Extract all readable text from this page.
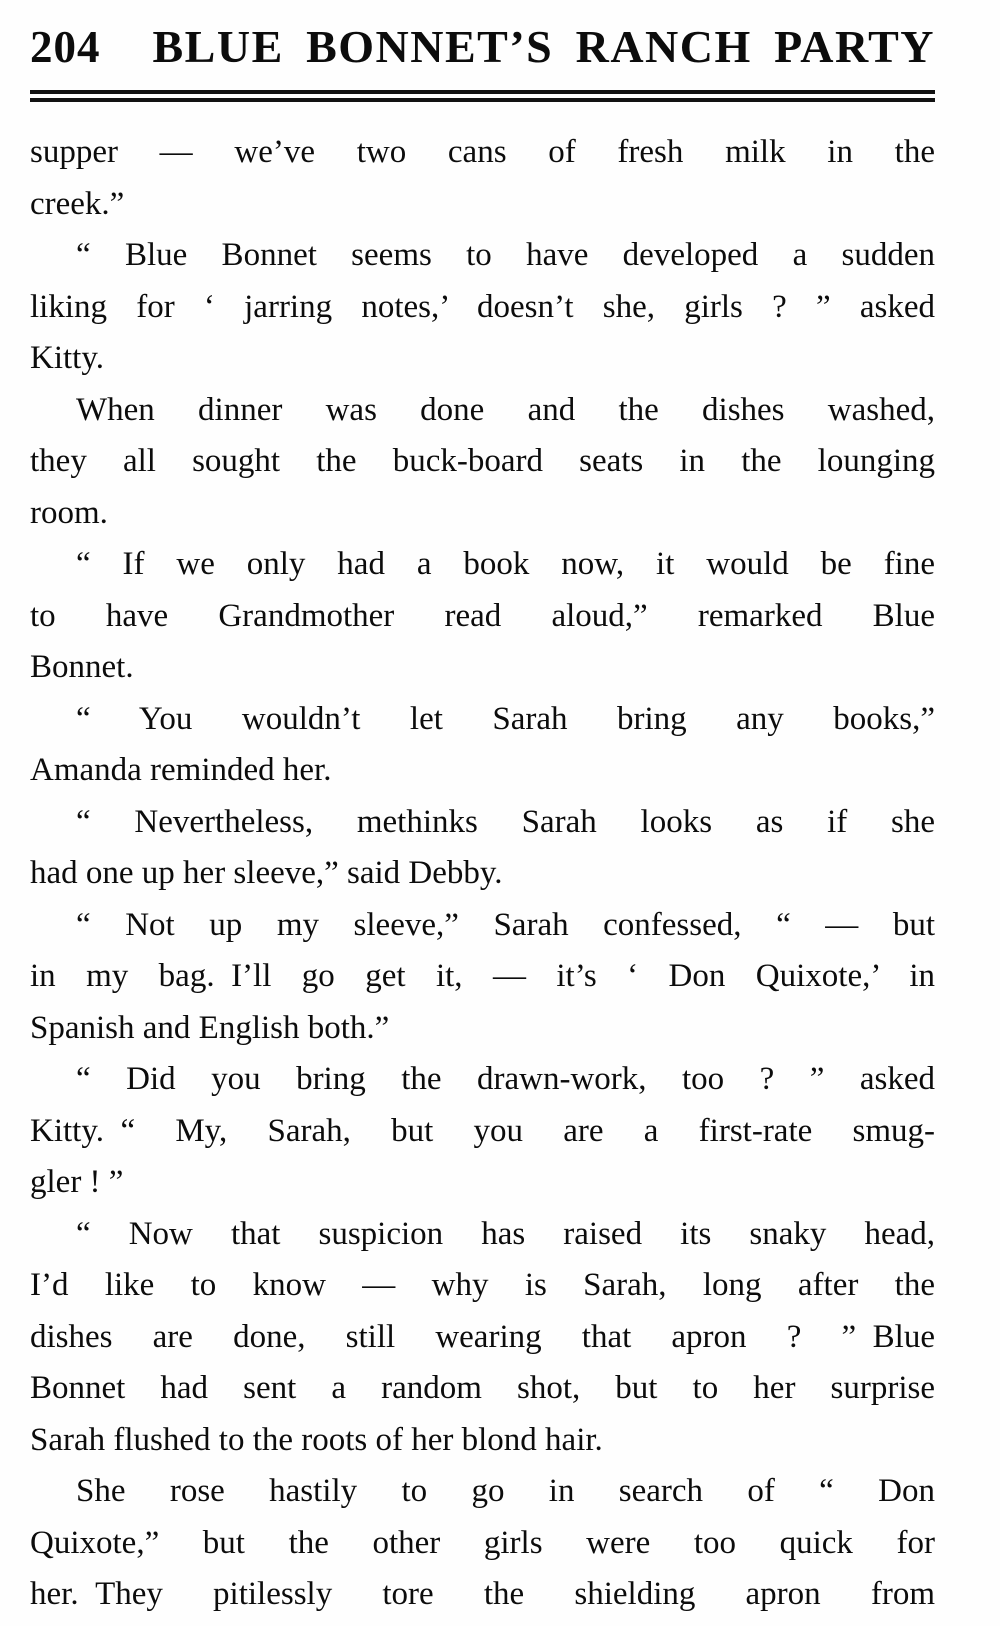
204 BLUE BONNET’S RANCH PARTY

supper — we’ve two cans of fresh milk in the
creek.”

“ Blue Bonnet seems to have developed a sudden
liking for ‘ jarring notes,’ doesn’t she, girls ? ” asked
Kitty.

When dinner was done and the dishes washed,
they all sought the buck-board seats in the lounging
room.

“ If we only had a book now, it would be fine
to have Grandmother read aloud,” remarked Blue
Bonnet.

“ You wouldn’t let Sarah bring any books,”
Amanda reminded her.

“ Nevertheless, methinks Sarah looks as if she
had one up her sleeve,” said Debby.

“ Not up my sleeve,” Sarah confessed, “ — but
in my bag. I’ll go get it, — it’s ‘ Don Quixote,’ in
Spanish and English both.”

“ Did you bring the drawn-work, too ? ” asked
Kitty. “ My, Sarah, but you are a first-rate smug-
gler ! ”

“ Now that suspicion has raised its snaky head,
I’d like to know — why is Sarah, long after the
dishes are done, still wearing that apron ? ” Blue
Bonnet had sent a random shot, but to her surprise
Sarah flushed to the roots of her blond hair.

She rose hastily to go in search of “ Don
Quixote,” but the other girls were too quick for
her. They pitilessly tore the shielding apron from
